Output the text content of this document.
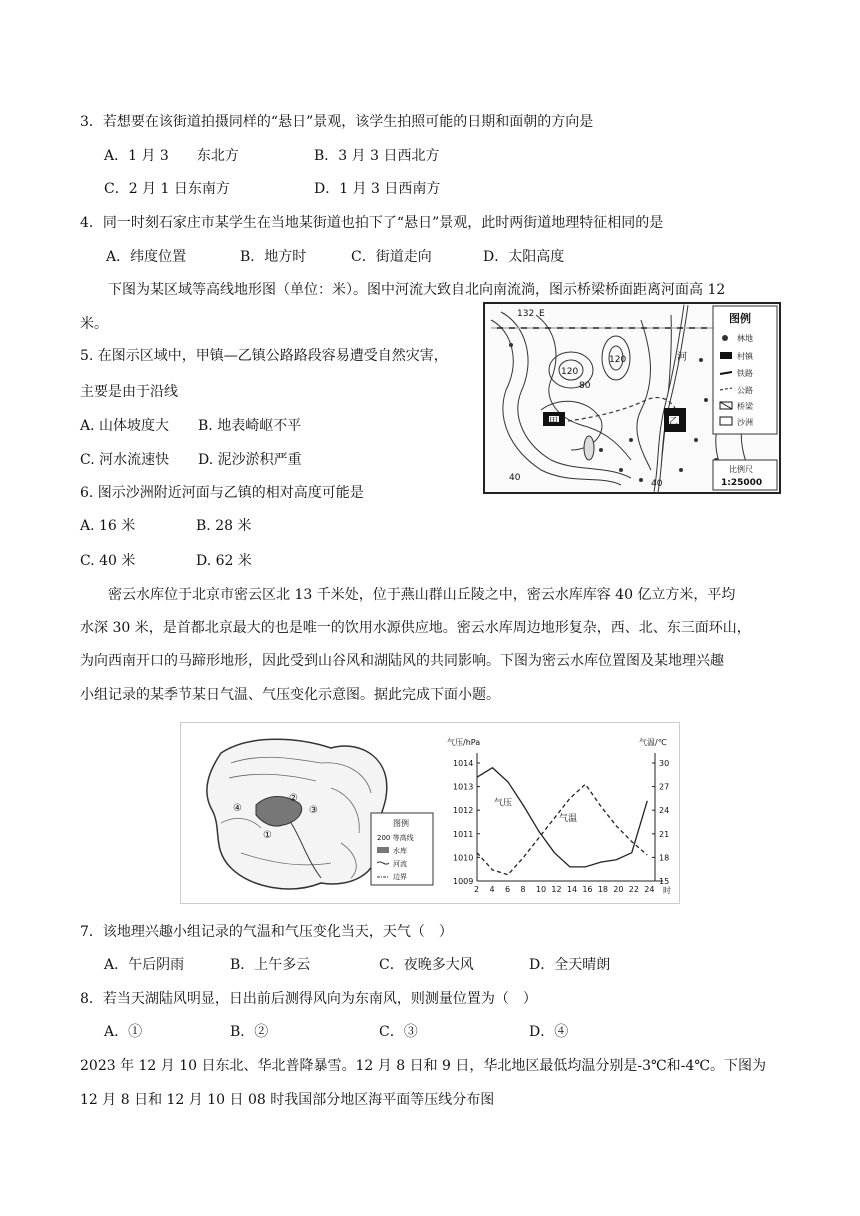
3．若想要在该街道拍摄同样的“悬日”景观，该学生拍照可能的日期和面朝的方向是
A．1 月 3　　东北方	B．3 月 3 日西北方
C．2 月 1 日东南方	D．1 月 3 日西南方
4．同一时刻石家庄市某学生在当地某街道也拍下了“悬日”景观，此时两街道地理特征相同的是
A．纬度位置	B．地方时	C．街道走向	D．太阳高度
下图为某区域等高线地形图（单位：米）。图中河流大致自北向南流淌，图示桥梁桥面距离河面高 12
米。
5. 在图示区域中，甲镇—乙镇公路路段容易遭受自然灾害，
主要是由于沿线
A. 山体坡度大 B. 地表崎岖不平
C. 河水流速快 D. 泥沙淤积严重
6. 图示沙洲附近河面与乙镇的相对高度可能是
A. 16 米	B. 28 米
C. 40 米	D. 62 米
132 E
120
80
120	河
甲	乙
40
40
图例
林地
村镇
铁路
公路
桥梁
沙洲
比例尺
1:25000
密云水库位于北京市密云区北 13 千米处，位于燕山群山丘陵之中，密云水库库容 40 亿立方米，平均
水深 30 米，是首都北京最大的也是唯一的饮用水源供应地。密云水库周边地形复杂，西、北、东三面环山，
为向西南开口的马蹄形地形，因此受到山谷风和湖陆风的共同影响。下图为密云水库位置图及某地理兴趣
小组记录的某季节某日气温、气压变化示意图。据此完成下面小题。
④
①
②
③
图例
200 等高线
水库
河流
边界
气压/hPa	气温/℃
时
1014
1013
1012
1011
1010
1009
30
27
24
21
18
15
2 4 6 8 10 12 14 16 18 20 22 24
气压
气温
7．该地理兴趣小组记录的气温和气压变化当天，天气（　）
A．午后阴雨	B．上午多云	C．夜晚多大风	D．全天晴朗
8．若当天湖陆风明显，日出前后测得风向为东南风，则测量位置为（　）
A．①	B．②	C．③	D．④
2023 年 12 月 10 日东北、华北普降暴雪。12 月 8 日和 9 日，华北地区最低均温分别是-3℃和-4℃。下图为
12 月 8 日和 12 月 10 日 08 时我国部分地区海平面等压线分布图
